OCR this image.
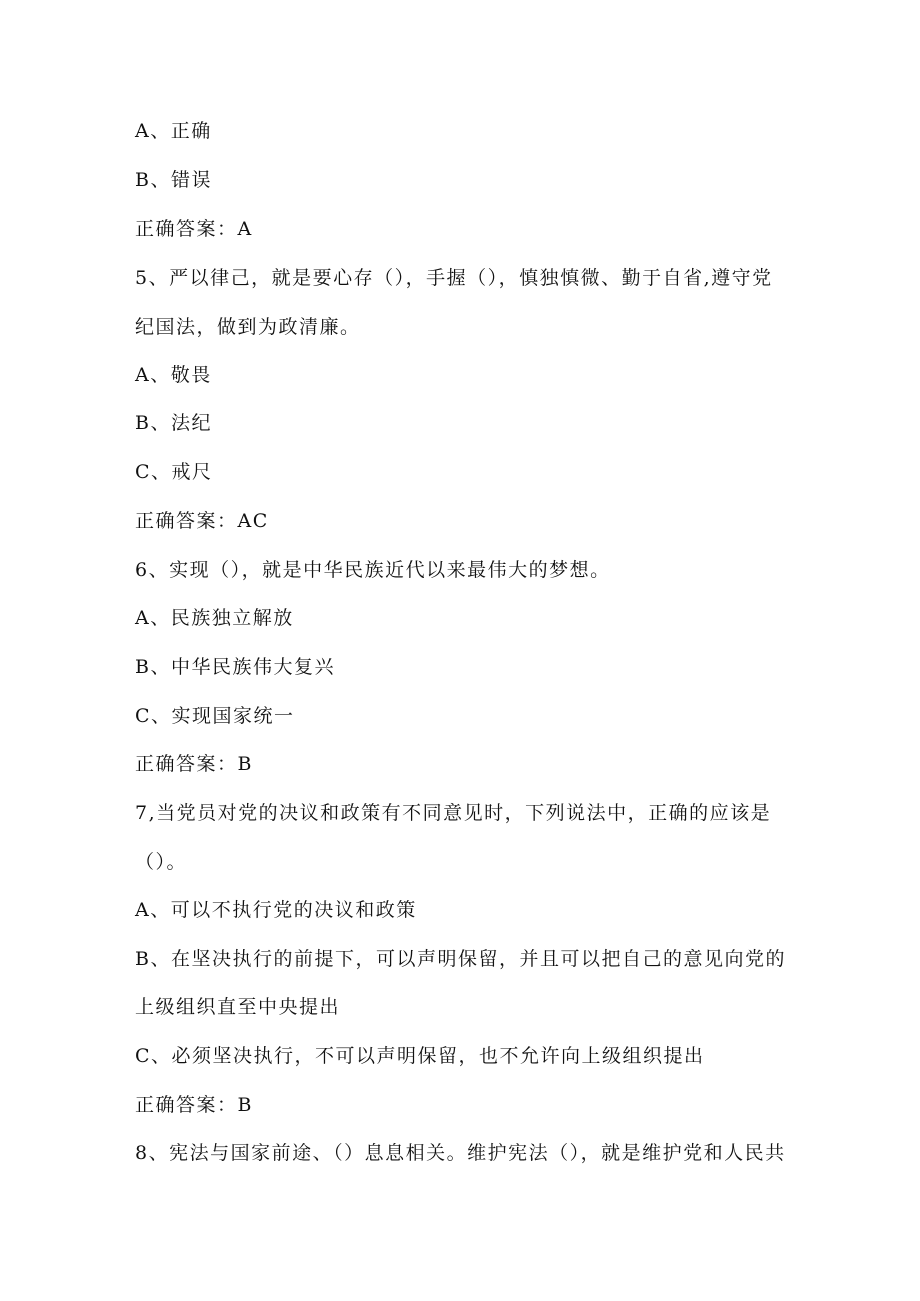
A、正确
B、错误
正确答案：A
5、严以律己，就是要心存（），手握（），慎独慎微、勤于自省,遵守党
纪国法，做到为政清廉。
A、敬畏
B、法纪
C、戒尺
正确答案：AC
6、实现（），就是中华民族近代以来最伟大的梦想。
A、民族独立解放
B、中华民族伟大复兴
C、实现国家统一
正确答案：B
7,当党员对党的决议和政策有不同意见时，下列说法中，正确的应该是
（）。
A、可以不执行党的决议和政策
B、在坚决执行的前提下，可以声明保留，并且可以把自己的意见向党的
上级组织直至中央提出
C、必须坚决执行，不可以声明保留，也不允许向上级组织提出
正确答案：B
8、宪法与国家前途、（）息息相关。维护宪法（），就是维护党和人民共
